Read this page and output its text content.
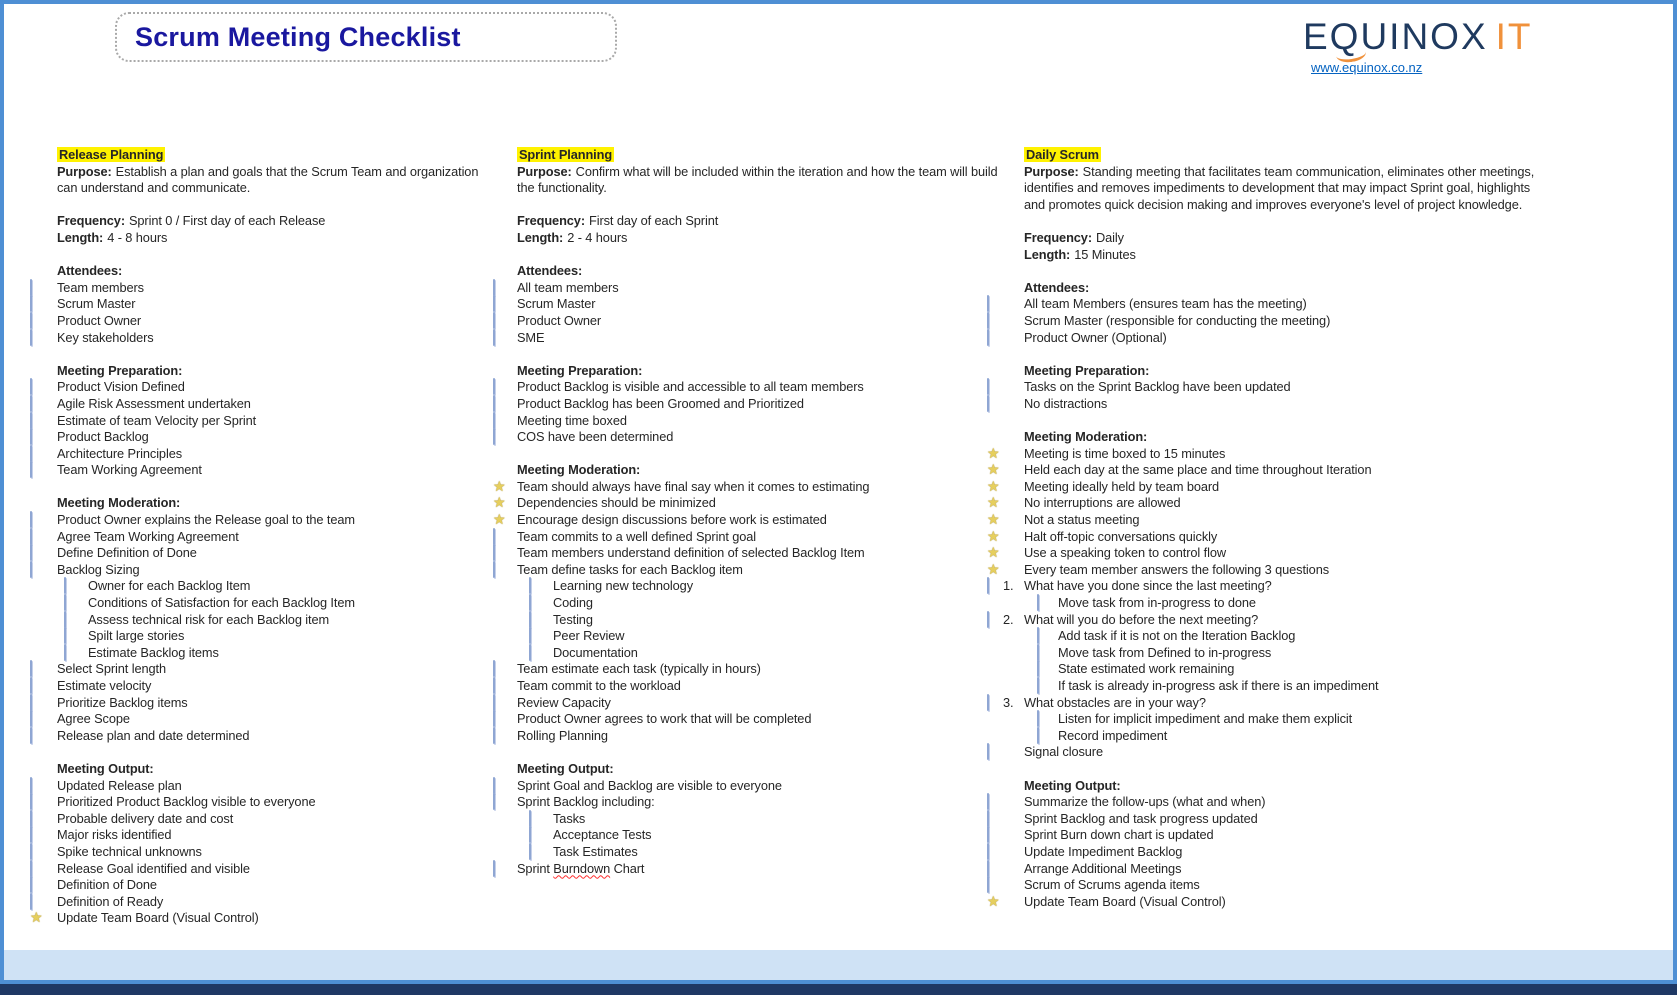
Scrum Meeting Checklist	EQUINOX IT
www.equinox.co.nz
Release Planning
Purpose: Establish a plan and goals that the Scrum Team and organization can understand and communicate.
Frequency: Sprint 0 / First day of each Release
Length: 4 - 8 hours
Attendees:
Team members
Scrum Master
Product Owner
Key stakeholders
Meeting Preparation:
Product Vision Defined
Agile Risk Assessment undertaken
Estimate of team Velocity per Sprint
Product Backlog
Architecture Principles
Team Working Agreement
Meeting Moderation:
Product Owner explains the Release goal to the team
Agree Team Working Agreement
Define Definition of Done
Backlog Sizing
Owner for each Backlog Item
Conditions of Satisfaction for each Backlog Item
Assess technical risk for each Backlog item
Spilt large stories
Estimate Backlog items
Select Sprint length
Estimate velocity
Prioritize Backlog items
Agree Scope
Release plan and date determined
Meeting Output:
Updated Release plan
Prioritized Product Backlog visible to everyone
Probable delivery date and cost
Major risks identified
Spike technical unknowns
Release Goal identified and visible
Definition of Done
Definition of Ready
★	Update Team Board (Visual Control)
Sprint Planning
Purpose: Confirm what will be included within the iteration and how the team will build the functionality.
Frequency: First day of each Sprint
Length: 2 - 4 hours
Attendees:
All team members
Scrum Master
Product Owner
SME
Meeting Preparation:
Product Backlog is visible and accessible to all team members
Product Backlog has been Groomed and Prioritized
Meeting time boxed
COS have been determined
Meeting Moderation:
★ Team should always have final say when it comes to estimating
★ Dependencies should be minimized
★ Encourage design discussions before work is estimated
Team commits to a well defined Sprint goal
Team members understand definition of selected Backlog Item
Team define tasks for each Backlog item
Learning new technology
Coding
Testing
Peer Review
Documentation
Team estimate each task (typically in hours)
Team commit to the workload
Review Capacity
Product Owner agrees to work that will be completed
Rolling Planning
Meeting Output:
Sprint Goal and Backlog are visible to everyone
Sprint Backlog including:
Tasks
Acceptance Tests
Task Estimates
Sprint Burndown Chart
Daily Scrum
Purpose: Standing meeting that facilitates team communication, eliminates other meetings, identifies and removes impediments to development that may impact Sprint goal, highlights and promotes quick decision making and improves everyone's level of project knowledge.
Frequency: Daily
Length: 15 Minutes
Attendees:
All team Members (ensures team has the meeting)
Scrum Master (responsible for conducting the meeting)
Product Owner (Optional)
Meeting Preparation:
Tasks on the Sprint Backlog have been updated
No distractions
Meeting Moderation:
★	Meeting is time boxed to 15 minutes
★	Held each day at the same place and time throughout Iteration
★	Meeting ideally held by team board
★	No interruptions are allowed
★	Not a status meeting
★	Halt off-topic conversations quickly
★	Use a speaking token to control flow
★	Every team member answers the following 3 questions
1. What have you done since the last meeting?
Move task from in-progress to done
2. What will you do before the next meeting?
Add task if it is not on the Iteration Backlog
Move task from Defined to in-progress
State estimated work remaining
If task is already in-progress ask if there is an impediment
3. What obstacles are in your way?
Listen for implicit impediment and make them explicit
Record impediment
Signal closure
Meeting Output:
Summarize the follow-ups (what and when)
Sprint Backlog and task progress updated
Sprint Burn down chart is updated
Update Impediment Backlog
Arrange Additional Meetings
Scrum of Scrums agenda items
★	Update Team Board (Visual Control)
